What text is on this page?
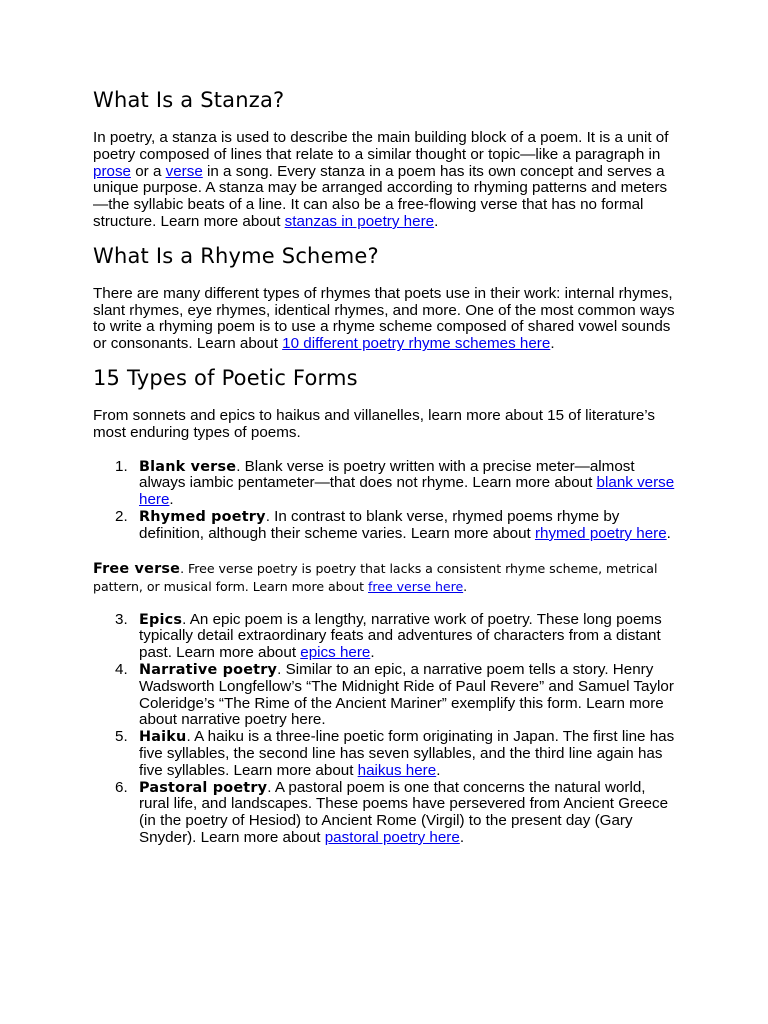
What Is a Stanza?

In poetry, a stanza is used to describe the main building block of a poem. It is a unit of poetry composed of lines that relate to a similar thought or topic—like a paragraph in prose or a verse in a song. Every stanza in a poem has its own concept and serves a unique purpose. A stanza may be arranged according to rhyming patterns and meters—the syllabic beats of a line. It can also be a free-flowing verse that has no formal structure. Learn more about stanzas in poetry here.

What Is a Rhyme Scheme?

There are many different types of rhymes that poets use in their work: internal rhymes, slant rhymes, eye rhymes, identical rhymes, and more. One of the most common ways to write a rhyming poem is to use a rhyme scheme composed of shared vowel sounds or consonants. Learn about 10 different poetry rhyme schemes here.

15 Types of Poetic Forms

From sonnets and epics to haikus and villanelles, learn more about 15 of literature’s most enduring types of poems.

1. Blank verse. Blank verse is poetry written with a precise meter—almost always iambic pentameter—that does not rhyme. Learn more about blank verse here.
2. Rhymed poetry. In contrast to blank verse, rhymed poems rhyme by definition, although their scheme varies. Learn more about rhymed poetry here.

Free verse. Free verse poetry is poetry that lacks a consistent rhyme scheme, metrical pattern, or musical form. Learn more about free verse here.

3. Epics. An epic poem is a lengthy, narrative work of poetry. These long poems typically detail extraordinary feats and adventures of characters from a distant past. Learn more about epics here.
4. Narrative poetry. Similar to an epic, a narrative poem tells a story. Henry Wadsworth Longfellow’s “The Midnight Ride of Paul Revere” and Samuel Taylor Coleridge’s “The Rime of the Ancient Mariner” exemplify this form. Learn more about narrative poetry here.
5. Haiku. A haiku is a three-line poetic form originating in Japan. The first line has five syllables, the second line has seven syllables, and the third line again has five syllables. Learn more about haikus here.
6. Pastoral poetry. A pastoral poem is one that concerns the natural world, rural life, and landscapes. These poems have persevered from Ancient Greece (in the poetry of Hesiod) to Ancient Rome (Virgil) to the present day (Gary Snyder). Learn more about pastoral poetry here.
